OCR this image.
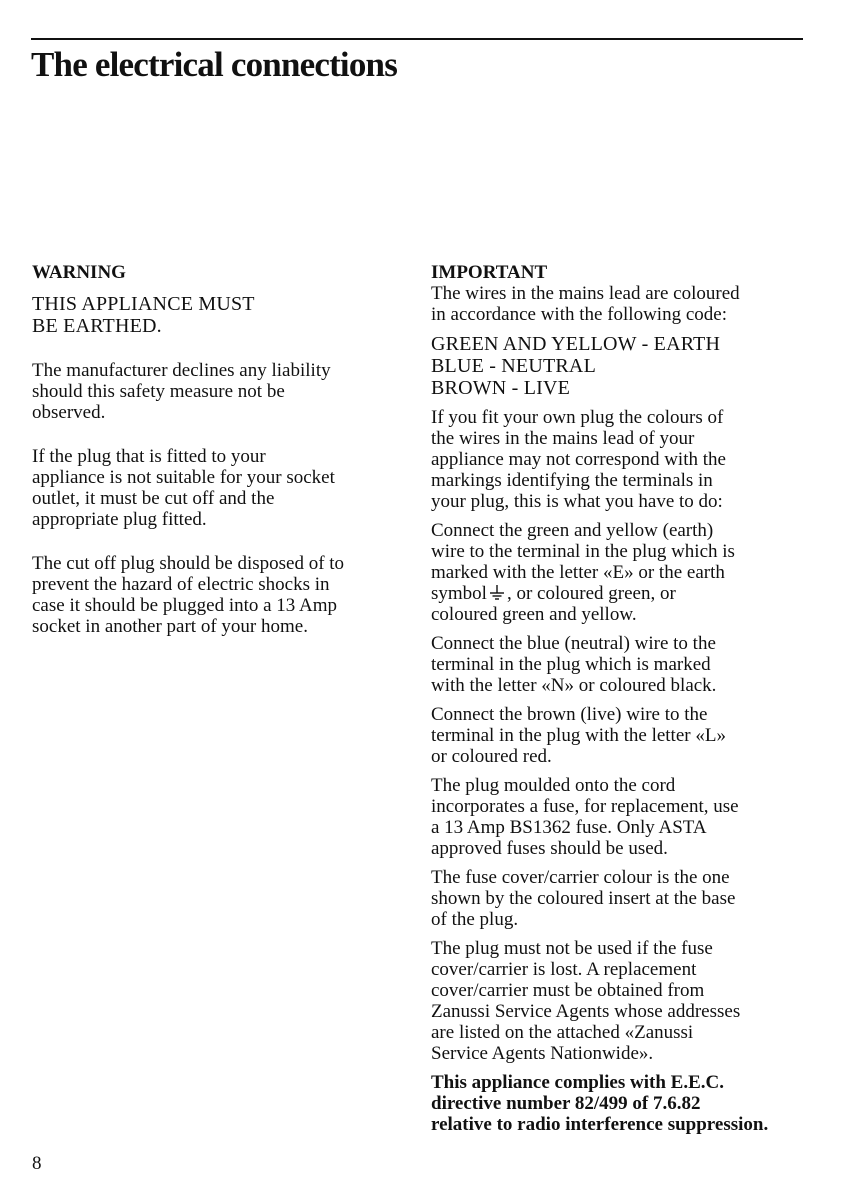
The electrical connections

WARNING

THIS APPLIANCE MUST
BE EARTHED.

The manufacturer declines any liability
should this safety measure not be
observed.

If the plug that is fitted to your
appliance is not suitable for your socket
outlet, it must be cut off and the
appropriate plug fitted.

The cut off plug should be disposed of to
prevent the hazard of electric shocks in
case it should be plugged into a 13 Amp
socket in another part of your home.

IMPORTANT

The wires in the mains lead are coloured
in accordance with the following code:

GREEN AND YELLOW - EARTH
BLUE - NEUTRAL
BROWN - LIVE

If you fit your own plug the colours of
the wires in the mains lead of your
appliance may not correspond with the
markings identifying the terminals in
your plug, this is what you have to do:

Connect the green and yellow (earth)
wire to the terminal in the plug which is
marked with the letter «E» or the earth
symbol , or coloured green, or
coloured green and yellow.

Connect the blue (neutral) wire to the
terminal in the plug which is marked
with the letter «N» or coloured black.

Connect the brown (live) wire to the
terminal in the plug with the letter «L»
or coloured red.

The plug moulded onto the cord
incorporates a fuse, for replacement, use
a 13 Amp BS1362 fuse. Only ASTA
approved fuses should be used.

The fuse cover/carrier colour is the one
shown by the coloured insert at the base
of the plug.

The plug must not be used if the fuse
cover/carrier is lost. A replacement
cover/carrier must be obtained from
Zanussi Service Agents whose addresses
are listed on the attached «Zanussi
Service Agents Nationwide».

This appliance complies with E.E.C.
directive number 82/499 of 7.6.82
relative to radio interference suppression.

8
